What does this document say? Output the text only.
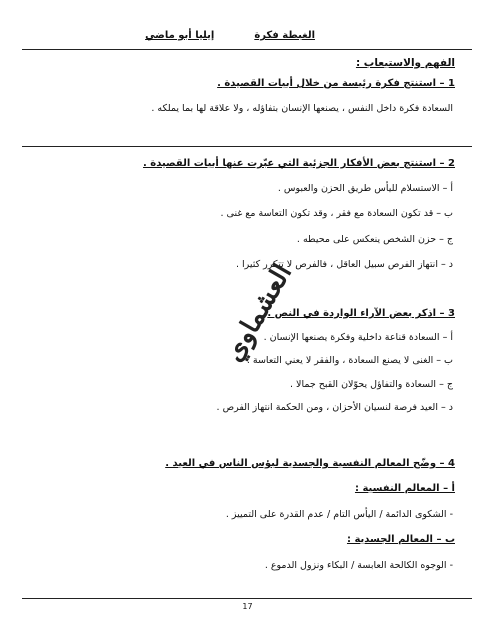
الغبطة فكرةإيليا أبو ماضي
الفهم والاستيعاب :
1 – استنتج فكرة رئيسة من خلال أبيات القصيدة .
السعادة فكرة داخل النفس ، يصنعها الإنسان بتفاؤله ، ولا علاقة لها بما يملكه .
2 – استنتج بعض الأفكار الجزئية التي عبّرت عنها أبيات القصيدة .
أ – الاستسلام لليأس طريق الحزن والعبوس .
ب – قد تكون السعادة مع فقر ، وقد تكون التعاسة مع غنى .
ج – حزن الشخص ينعكس على محيطه .
د – انتهاز الفرص سبيل العاقل ، فالفرص لا تتكرر كثيرا .
3 – اذكر بعض الآراء الواردة في النص .
أ – السعادة قناعة داخلية وفكرة يصنعها الإنسان .
ب – الغنى لا يصنع السعادة ، والفقر لا يعني التعاسة .
ج – السعادة والتفاؤل يحوّلان القبح جمالا .
د – العيد فرصة لنسيان الأحزان ، ومن الحكمة انتهاز الفرص .
4 – وضّح المعالم النفسية والجسدية لبؤس الناس في العيد .
أ – المعالم النفسية :
- الشكوى الدائمة / اليأس التام / عدم القدرة على التمييز .
ب – المعالم الجسدية :
- الوجوه الكالحة العابسة / البكاء ونزول الدموع .
العشماوي
17
